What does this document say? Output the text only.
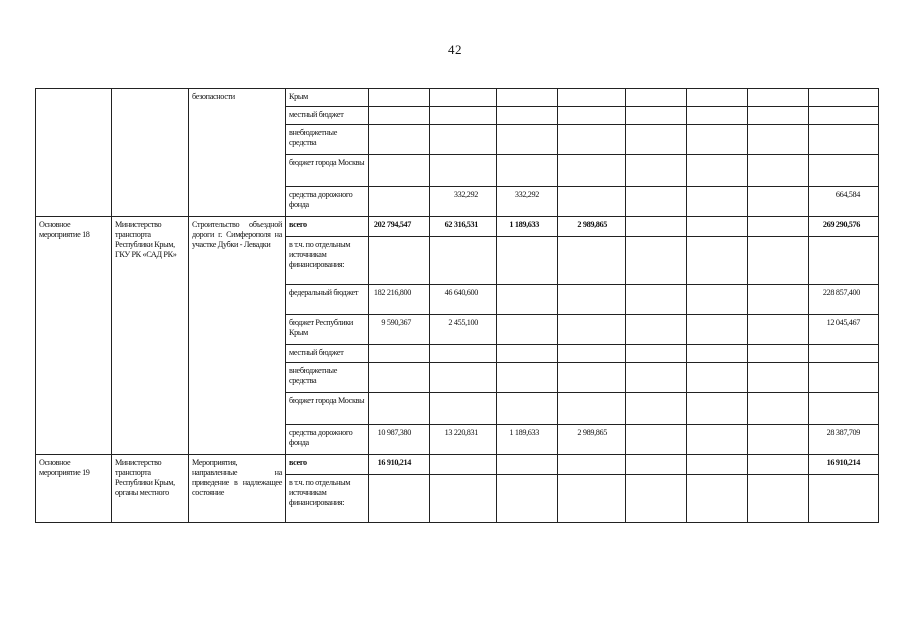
42
		безопасности	Крым								
			местный бюджет								
			внебюджетные средства								
			бюджет города Москвы								
			средства дорожного фонда		332,292	332,292					664,584
Основное мероприятие 18	Министерство транспорта Республики Крым, ГКУ РК «САД РК»	Строительство объездной дороги г. Симферополя на участке Дубки - Левадки	всего	202 794,547	62 316,531	1 189,633	2 989,865				269 290,576
			в т.ч. по отдельным источникам финансирования:								
			федеральный бюджет	182 216,800	46 640,600						228 857,400
			бюджет Республики Крым	9 590,367	2 455,100						12 045,467
			местный бюджет								
			внебюджетные средства								
			бюджет города Москвы								
			средства дорожного фонда	10 987,380	13 220,831	1 189,633	2 989,865				28 387,709
Основное мероприятие 19	Министерство транспорта Республики Крым, органы местного	Мероприятия, направленные на приведение в надлежащее состояние	всего	16 910,214							16 910,214
			в т.ч. по отдельным источникам финансирования:								
